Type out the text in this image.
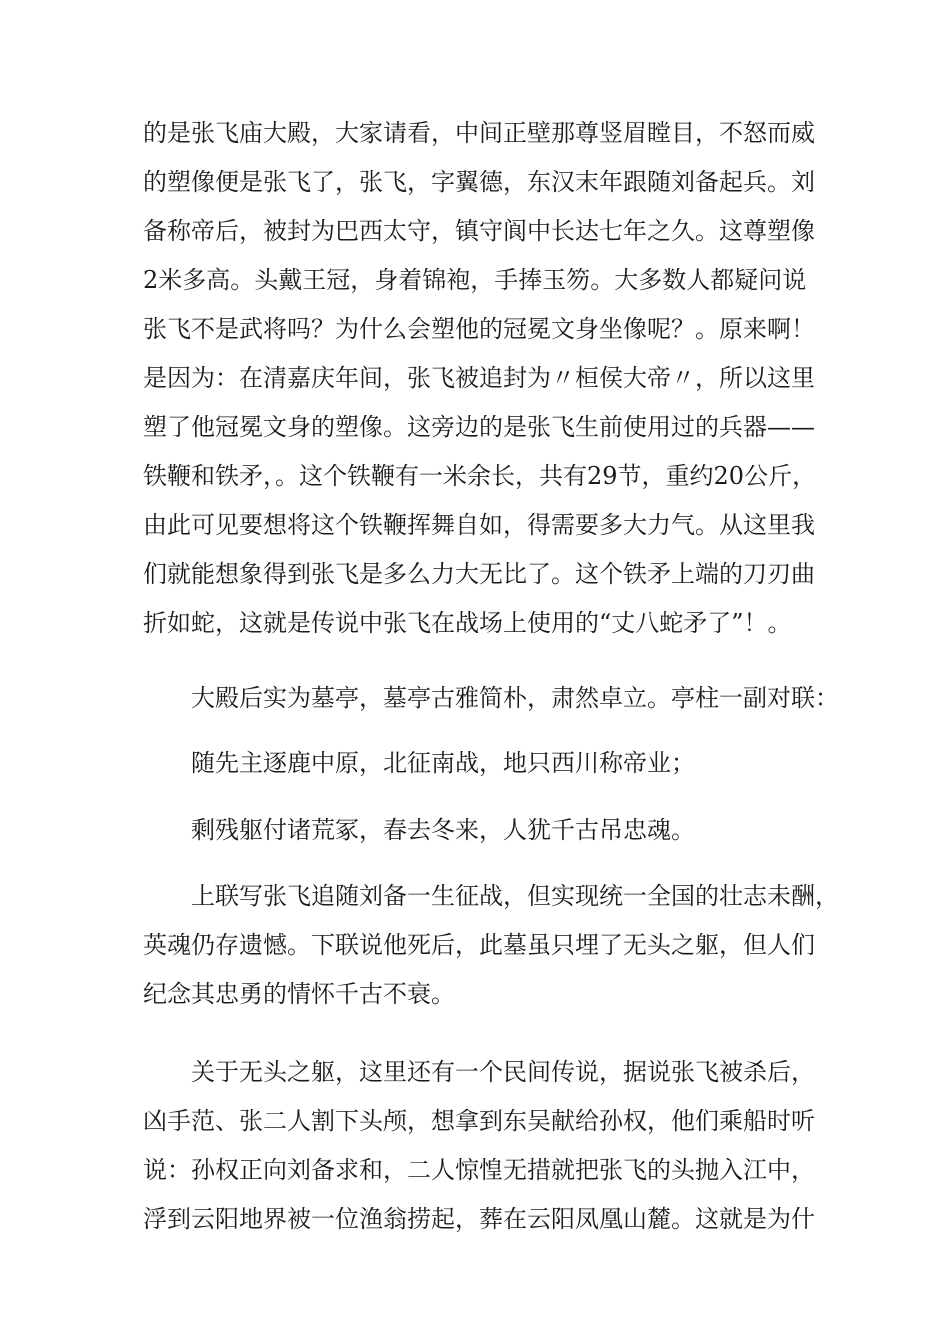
的是张飞庙大殿，大家请看，中间正壁那尊竖眉瞠目，不怒而威

的塑像便是张飞了，张飞，字翼德，东汉末年跟随刘备起兵。刘

备称帝后，被封为巴西太守，镇守阆中长达七年之久。这尊塑像

2米多高。头戴王冠，身着锦袍，手捧玉笏。大多数人都疑问说

张飞不是武将吗？为什么会塑他的冠冕文身坐像呢？。原来啊！

是因为：在清嘉庆年间，张飞被追封为〃桓侯大帝〃，所以这里

塑了他冠冕文身的塑像。这旁边的是张飞生前使用过的兵器——

铁鞭和铁矛，。这个铁鞭有一米余长，共有29节，重约20公斤，

由此可见要想将这个铁鞭挥舞自如，得需要多大力气。从这里我

们就能想象得到张飞是多么力大无比了。这个铁矛上端的刀刃曲

折如蛇，这就是传说中张飞在战场上使用的“丈八蛇矛了”！。

大殿后实为墓亭，墓亭古雅简朴，肃然卓立。亭柱一副对联：

随先主逐鹿中原，北征南战，地只西川称帝业；

剩残躯付诸荒冢，春去冬来，人犹千古吊忠魂。

上联写张飞追随刘备一生征战，但实现统一全国的壮志未酬，

英魂仍存遗憾。下联说他死后，此墓虽只埋了无头之躯，但人们

纪念其忠勇的情怀千古不衰。

关于无头之躯，这里还有一个民间传说，据说张飞被杀后，

凶手范、张二人割下头颅，想拿到东吴献给孙权，他们乘船时听

说：孙权正向刘备求和，二人惊惶无措就把张飞的头抛入江中，

浮到云阳地界被一位渔翁捞起，葬在云阳凤凰山麓。这就是为什
